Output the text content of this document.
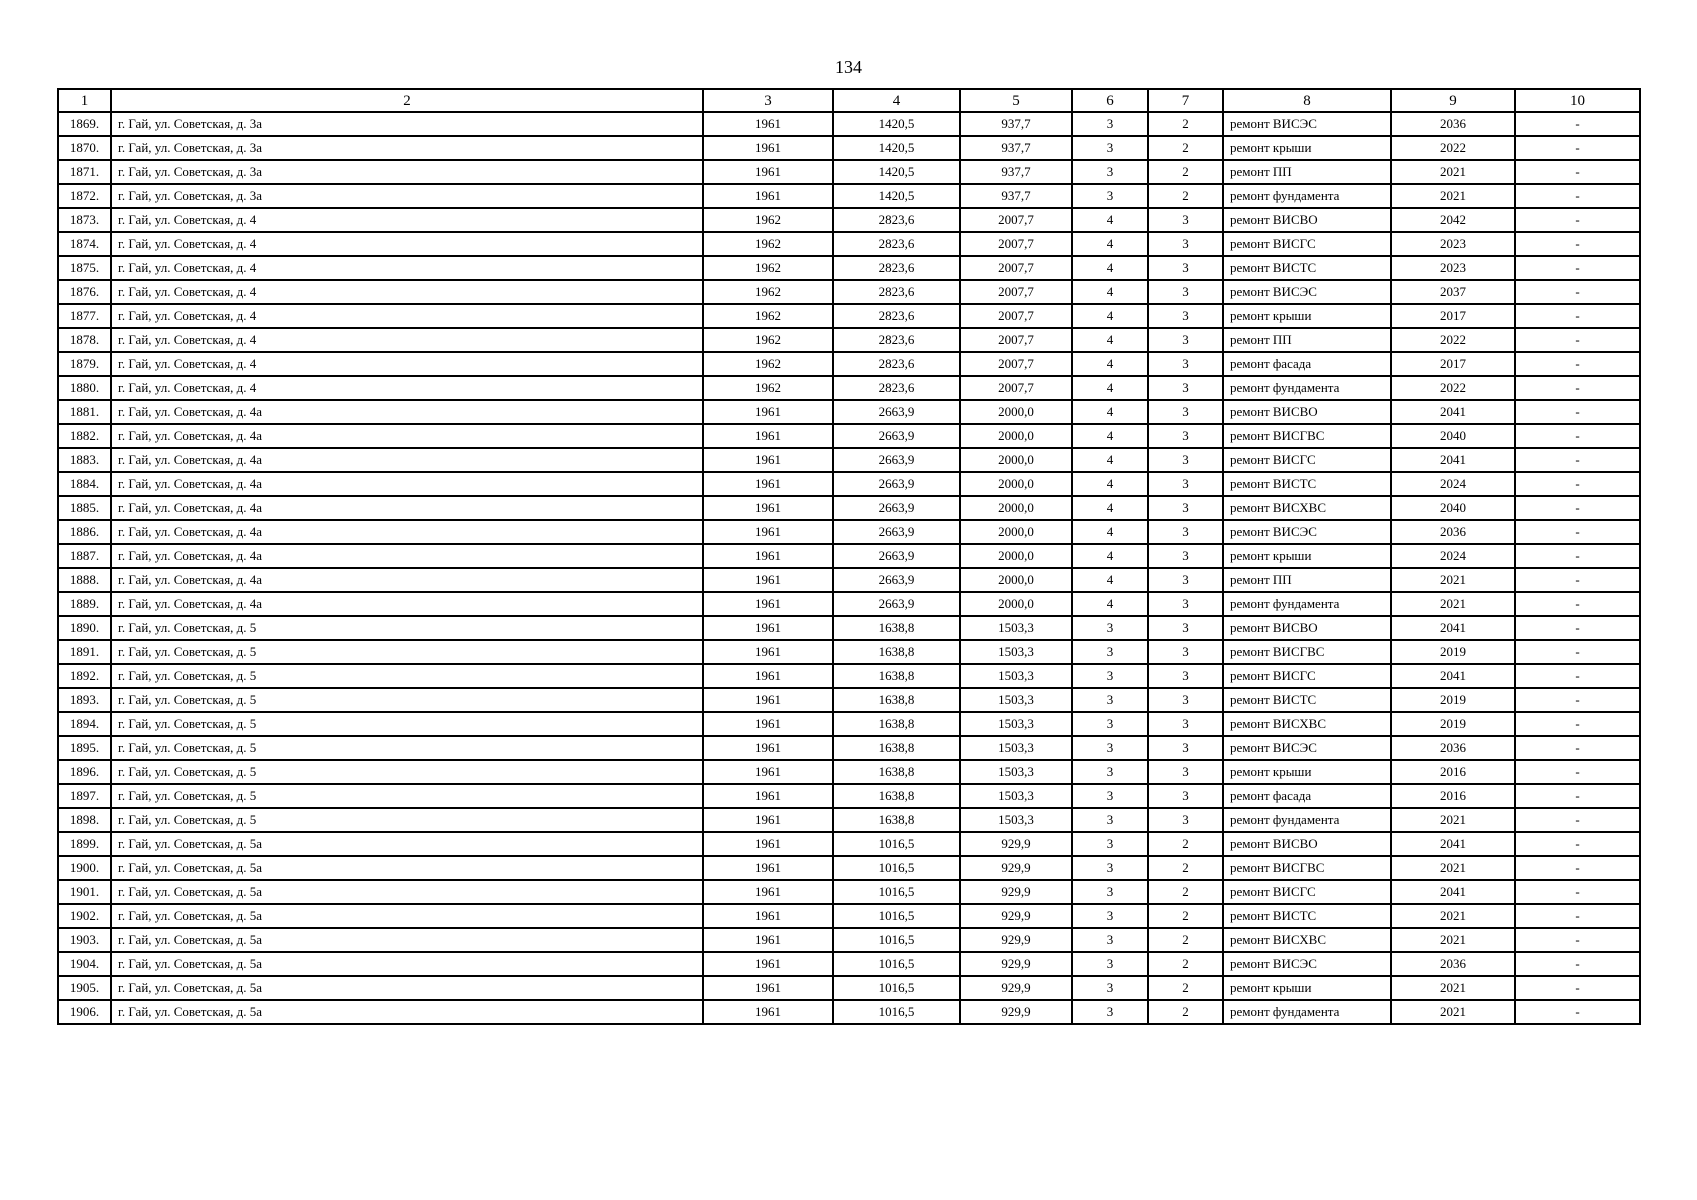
134
1	2	3	4	5	6	7	8	9	10
1869.	г. Гай, ул. Советская, д. 3а	1961	1420,5	937,7	3	2	ремонт ВИСЭС	2036	-
1870.	г. Гай, ул. Советская, д. 3а	1961	1420,5	937,7	3	2	ремонт крыши	2022	-
1871.	г. Гай, ул. Советская, д. 3а	1961	1420,5	937,7	3	2	ремонт ПП	2021	-
1872.	г. Гай, ул. Советская, д. 3а	1961	1420,5	937,7	3	2	ремонт фундамента	2021	-
1873.	г. Гай, ул. Советская, д. 4	1962	2823,6	2007,7	4	3	ремонт ВИСВО	2042	-
1874.	г. Гай, ул. Советская, д. 4	1962	2823,6	2007,7	4	3	ремонт ВИСГС	2023	-
1875.	г. Гай, ул. Советская, д. 4	1962	2823,6	2007,7	4	3	ремонт ВИСТС	2023	-
1876.	г. Гай, ул. Советская, д. 4	1962	2823,6	2007,7	4	3	ремонт ВИСЭС	2037	-
1877.	г. Гай, ул. Советская, д. 4	1962	2823,6	2007,7	4	3	ремонт крыши	2017	-
1878.	г. Гай, ул. Советская, д. 4	1962	2823,6	2007,7	4	3	ремонт ПП	2022	-
1879.	г. Гай, ул. Советская, д. 4	1962	2823,6	2007,7	4	3	ремонт фасада	2017	-
1880.	г. Гай, ул. Советская, д. 4	1962	2823,6	2007,7	4	3	ремонт фундамента	2022	-
1881.	г. Гай, ул. Советская, д. 4а	1961	2663,9	2000,0	4	3	ремонт ВИСВО	2041	-
1882.	г. Гай, ул. Советская, д. 4а	1961	2663,9	2000,0	4	3	ремонт ВИСГВС	2040	-
1883.	г. Гай, ул. Советская, д. 4а	1961	2663,9	2000,0	4	3	ремонт ВИСГС	2041	-
1884.	г. Гай, ул. Советская, д. 4а	1961	2663,9	2000,0	4	3	ремонт ВИСТС	2024	-
1885.	г. Гай, ул. Советская, д. 4а	1961	2663,9	2000,0	4	3	ремонт ВИСХВС	2040	-
1886.	г. Гай, ул. Советская, д. 4а	1961	2663,9	2000,0	4	3	ремонт ВИСЭС	2036	-
1887.	г. Гай, ул. Советская, д. 4а	1961	2663,9	2000,0	4	3	ремонт крыши	2024	-
1888.	г. Гай, ул. Советская, д. 4а	1961	2663,9	2000,0	4	3	ремонт ПП	2021	-
1889.	г. Гай, ул. Советская, д. 4а	1961	2663,9	2000,0	4	3	ремонт фундамента	2021	-
1890.	г. Гай, ул. Советская, д. 5	1961	1638,8	1503,3	3	3	ремонт ВИСВО	2041	-
1891.	г. Гай, ул. Советская, д. 5	1961	1638,8	1503,3	3	3	ремонт ВИСГВС	2019	-
1892.	г. Гай, ул. Советская, д. 5	1961	1638,8	1503,3	3	3	ремонт ВИСГС	2041	-
1893.	г. Гай, ул. Советская, д. 5	1961	1638,8	1503,3	3	3	ремонт ВИСТС	2019	-
1894.	г. Гай, ул. Советская, д. 5	1961	1638,8	1503,3	3	3	ремонт ВИСХВС	2019	-
1895.	г. Гай, ул. Советская, д. 5	1961	1638,8	1503,3	3	3	ремонт ВИСЭС	2036	-
1896.	г. Гай, ул. Советская, д. 5	1961	1638,8	1503,3	3	3	ремонт крыши	2016	-
1897.	г. Гай, ул. Советская, д. 5	1961	1638,8	1503,3	3	3	ремонт фасада	2016	-
1898.	г. Гай, ул. Советская, д. 5	1961	1638,8	1503,3	3	3	ремонт фундамента	2021	-
1899.	г. Гай, ул. Советская, д. 5а	1961	1016,5	929,9	3	2	ремонт ВИСВО	2041	-
1900.	г. Гай, ул. Советская, д. 5а	1961	1016,5	929,9	3	2	ремонт ВИСГВС	2021	-
1901.	г. Гай, ул. Советская, д. 5а	1961	1016,5	929,9	3	2	ремонт ВИСГС	2041	-
1902.	г. Гай, ул. Советская, д. 5а	1961	1016,5	929,9	3	2	ремонт ВИСТС	2021	-
1903.	г. Гай, ул. Советская, д. 5а	1961	1016,5	929,9	3	2	ремонт ВИСХВС	2021	-
1904.	г. Гай, ул. Советская, д. 5а	1961	1016,5	929,9	3	2	ремонт ВИСЭС	2036	-
1905.	г. Гай, ул. Советская, д. 5а	1961	1016,5	929,9	3	2	ремонт крыши	2021	-
1906.	г. Гай, ул. Советская, д. 5а	1961	1016,5	929,9	3	2	ремонт фундамента	2021	-
